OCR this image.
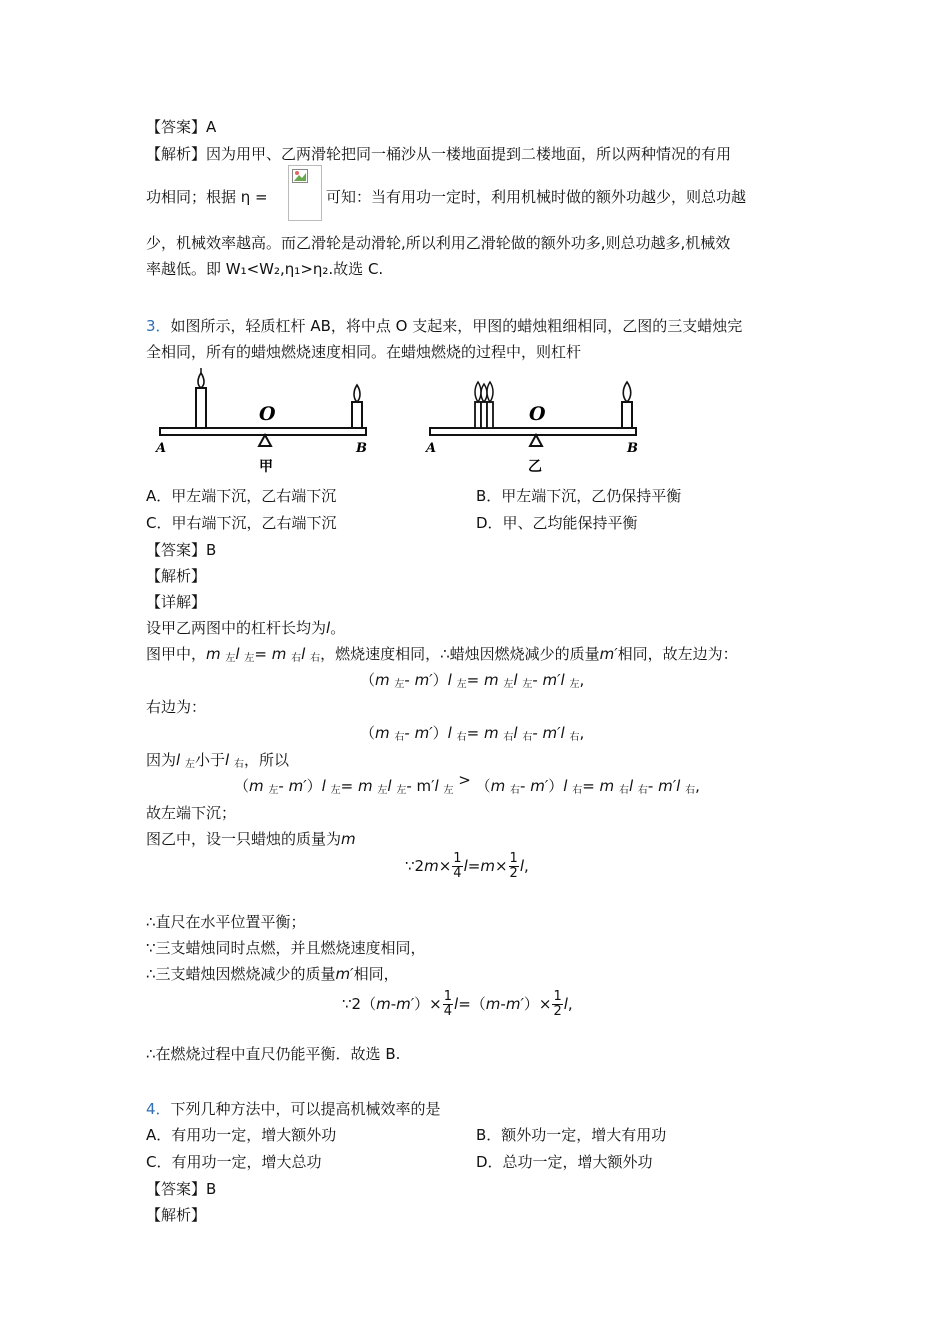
【答案】A
【解析】因为用甲、乙两滑轮把同一桶沙从一楼地面提到二楼地面，所以两种情况的有用
功相同；根据 η =	可知：当有用功一定时，利用机械时做的额外功越少，则总功越
少，机械效率越高。而乙滑轮是动滑轮,所以利用乙滑轮做的额外功多,则总功越多,机械效
率越低。即 W₁<W₂,η₁>η₂.故选 C.
3．如图所示，轻质杠杆 AB，将中点 O 支起来，甲图的蜡烛粗细相同，乙图的三支蜡烛完
全相同，所有的蜡烛燃烧速度相同。在蜡烛燃烧的过程中，则杠杆
O
A	B
甲
O
A	B
乙
A．甲左端下沉，乙右端下沉	B．甲左端下沉，乙仍保持平衡
C．甲右端下沉，乙右端下沉	D．甲、乙均能保持平衡
【答案】B
【解析】
【详解】
设甲乙两图中的杠杆长均为l。
图甲中，m $_左$l $_左$= m $_右$l $_右$，燃烧速度相同，∴蜡烛因燃烧减少的质量m′相同，故左边为：
（m $_左$- m′）l $_左$= m $_左$l $_左$- m′l $_左$,
右边为：
（m $_右$- m′）l $_右$= m $_右$l $_右$- m′l $_右$,
因为l $_左$小于l $_右$，所以
（m $_左$- m′）l $_左$= m $_左$l $_左$- m′l $_左$ > （m $_右$- m′）l $_右$= m $_右$l $_右$- m′l $_右$,
故左端下沉；
图乙中，设一只蜡烛的质量为m
∵2m× $\frac{1}{4} l=m\times \frac{1}{2} l$,
∴直尺在水平位置平衡；
∵三支蜡烛同时点燃，并且燃烧速度相同，
∴三支蜡烛因燃烧减少的质量m′相同，
∵2（m-m′）× $\frac{1}{4} l=(m-m')\times \frac{1}{2} l$,
∴在燃烧过程中直尺仍能平衡．故选 B.
4．下列几种方法中，可以提高机械效率的是
A．有用功一定，增大额外功	B．额外功一定，增大有用功
C．有用功一定，增大总功	D．总功一定，增大额外功
【答案】B
【解析】
